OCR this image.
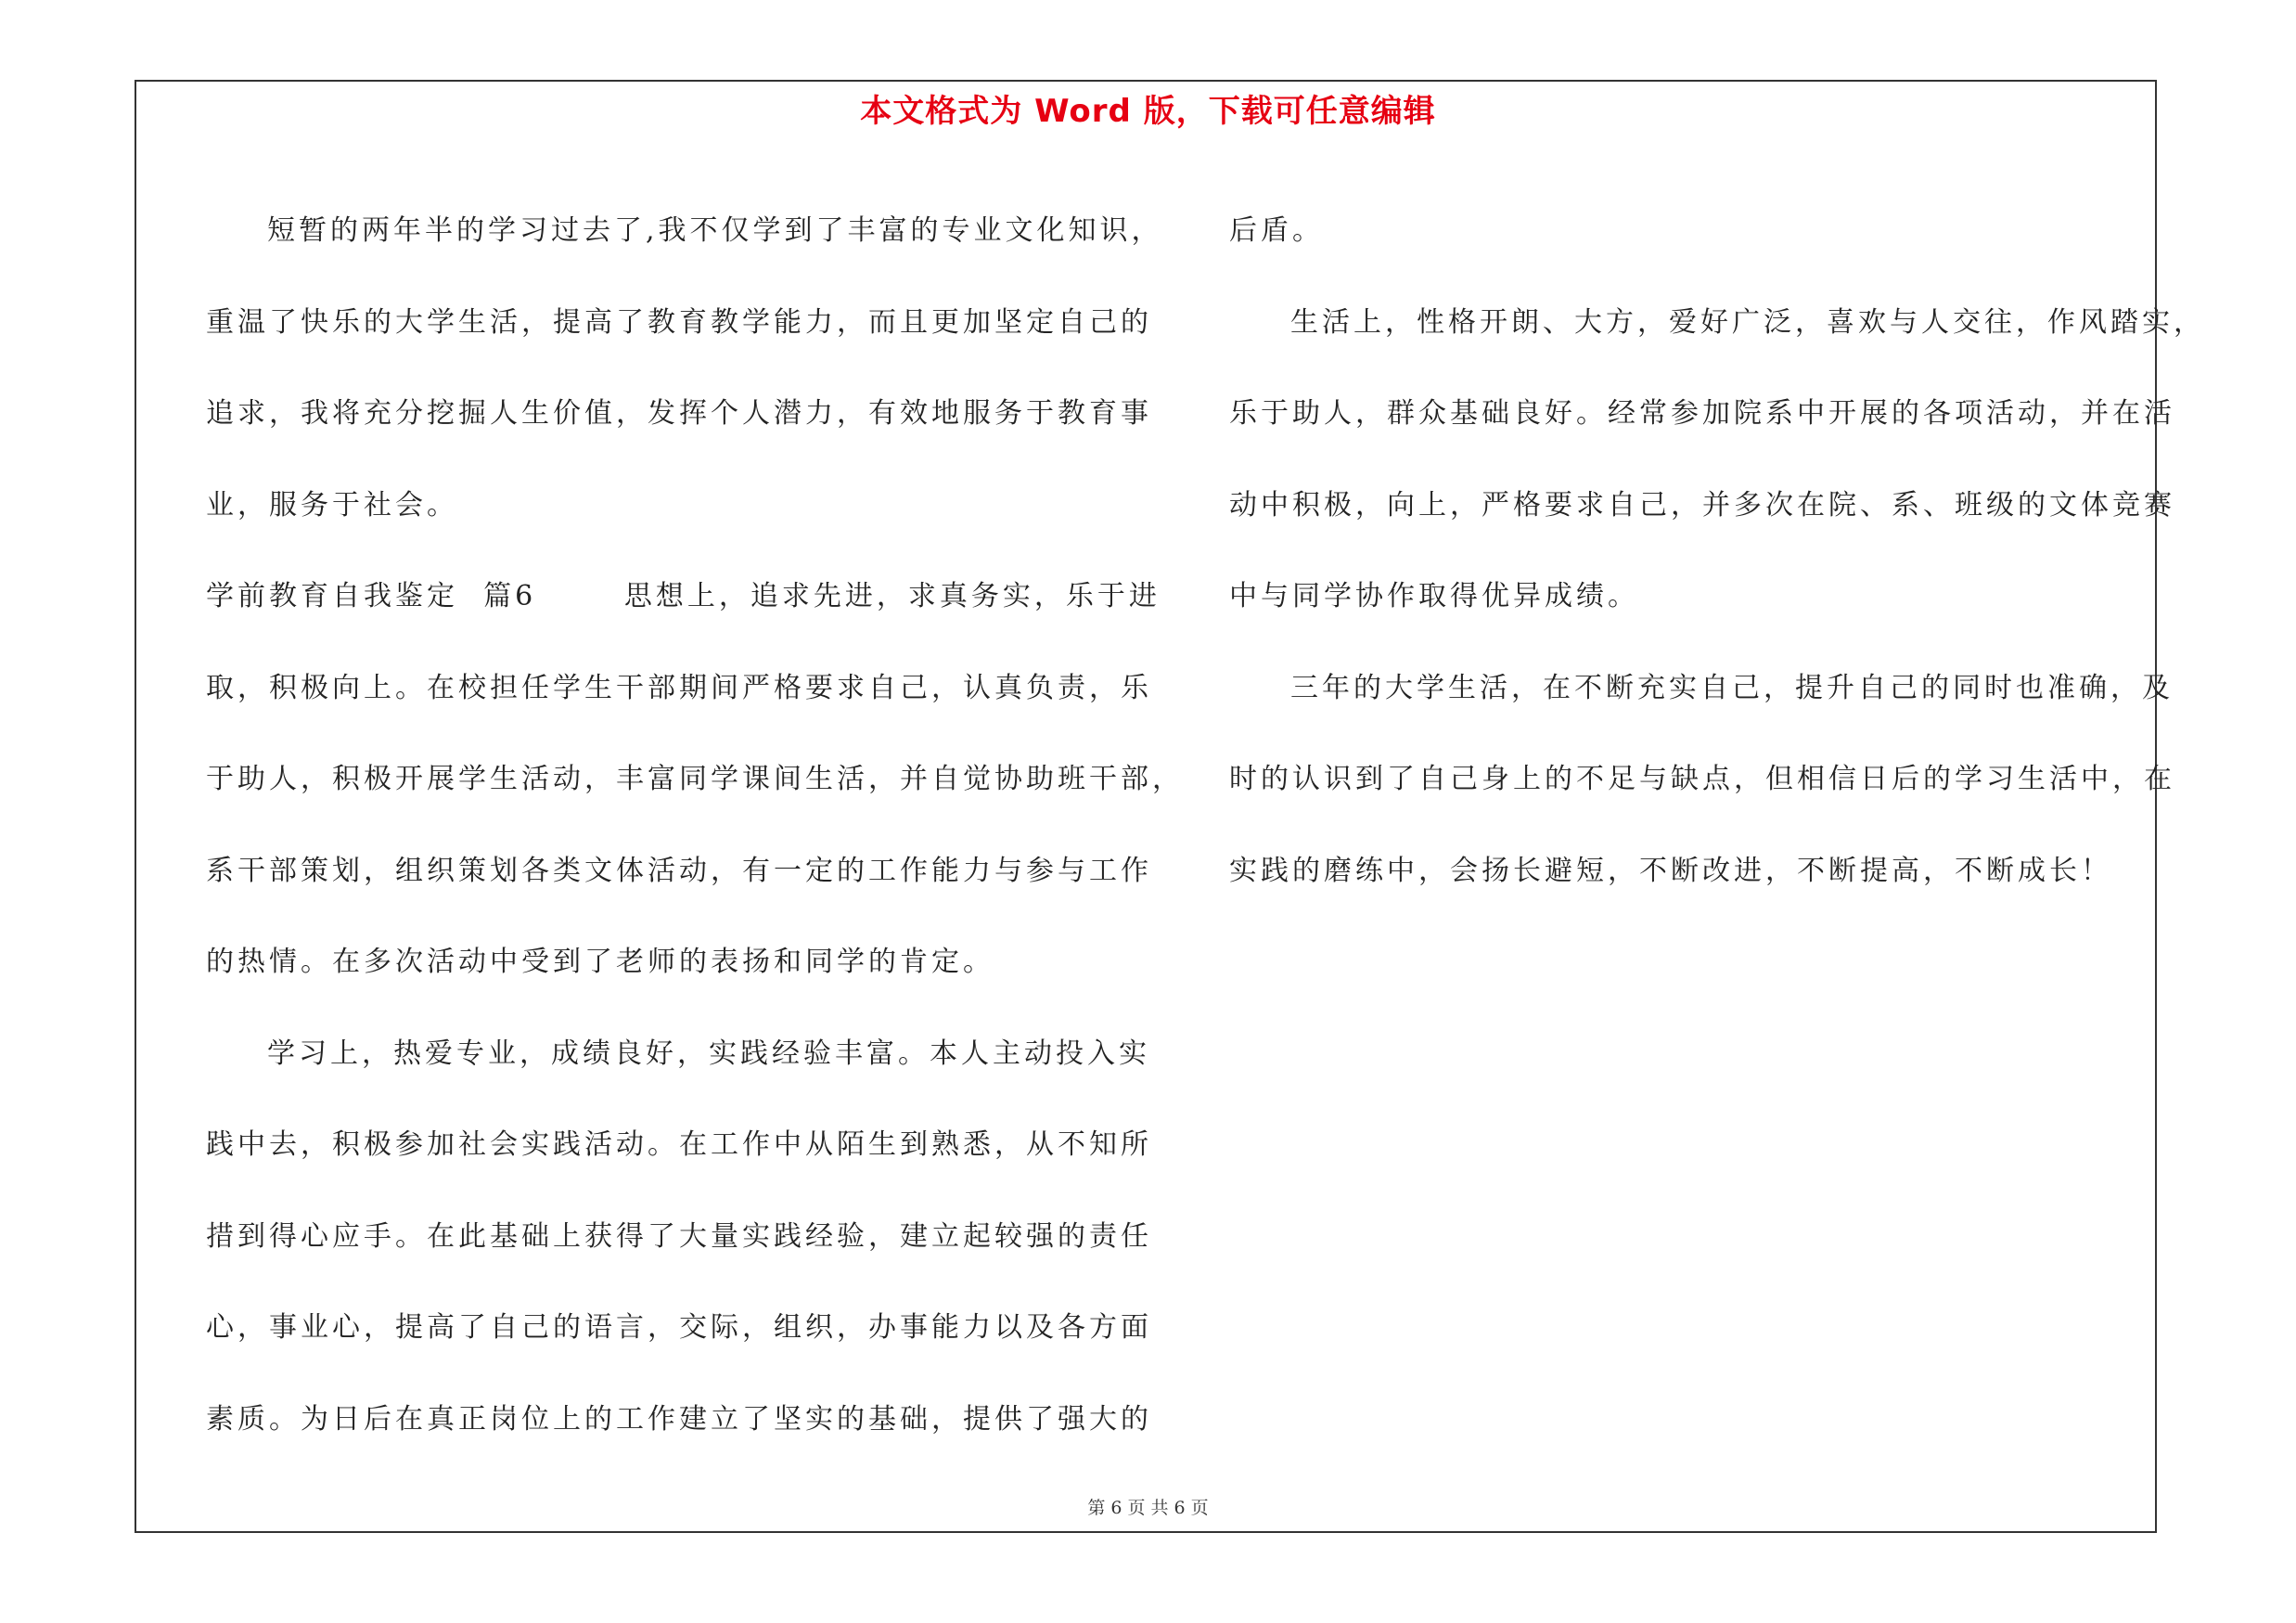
本文格式为 Word 版，下载可任意编辑
短暂的两年半的学习过去了,我不仅学到了丰富的专业文化知识，
重温了快乐的大学生活，提高了教育教学能力，而且更加坚定自己的
追求，我将充分挖掘人生价值，发挥个人潜力，有效地服务于教育事
业，服务于社会。
学前教育自我鉴定  篇6       思想上，追求先进，求真务实，乐于进
取，积极向上。在校担任学生干部期间严格要求自己，认真负责，乐
于助人，积极开展学生活动，丰富同学课间生活，并自觉协助班干部，
系干部策划，组织策划各类文体活动，有一定的工作能力与参与工作
的热情。在多次活动中受到了老师的表扬和同学的肯定。
学习上，热爱专业，成绩良好，实践经验丰富。本人主动投入实
践中去，积极参加社会实践活动。在工作中从陌生到熟悉，从不知所
措到得心应手。在此基础上获得了大量实践经验，建立起较强的责任
心，事业心，提高了自己的语言，交际，组织，办事能力以及各方面
素质。为日后在真正岗位上的工作建立了坚实的基础，提供了强大的
后盾。
生活上，性格开朗、大方，爱好广泛，喜欢与人交往，作风踏实，
乐于助人，群众基础良好。经常参加院系中开展的各项活动，并在活
动中积极，向上，严格要求自己，并多次在院、系、班级的文体竞赛
中与同学协作取得优异成绩。
三年的大学生活，在不断充实自己，提升自己的同时也准确，及
时的认识到了自己身上的不足与缺点，但相信日后的学习生活中，在
实践的磨练中，会扬长避短，不断改进，不断提高，不断成长！
第 6 页 共 6 页
